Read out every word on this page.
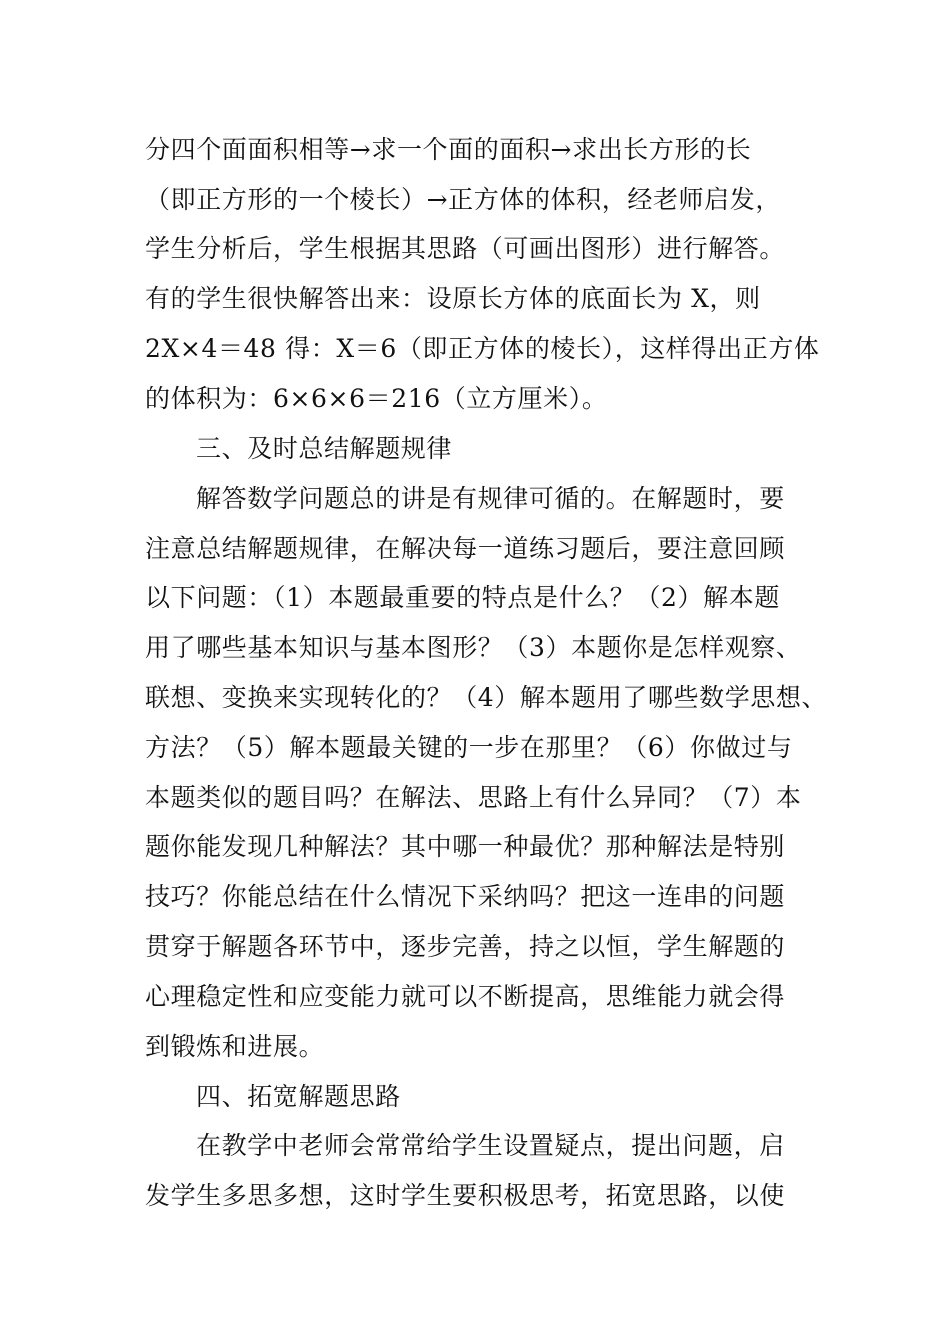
分四个面面积相等→求一个面的面积→求出长方形的长
（即正方形的一个棱长）→正方体的体积，经老师启发，
学生分析后，学生根据其思路（可画出图形）进行解答。
有的学生很快解答出来：设原长方体的底面长为 X，则
2X×4＝48 得：X＝6（即正方体的棱长），这样得出正方体
的体积为：6×6×6＝216（立方厘米）。
三、及时总结解题规律
解答数学问题总的讲是有规律可循的。在解题时，要
注意总结解题规律，在解决每一道练习题后，要注意回顾
以下问题：（1）本题最重要的特点是什么？（2）解本题
用了哪些基本知识与基本图形？（3）本题你是怎样观察、
联想、变换来实现转化的？（4）解本题用了哪些数学思想、
方法？（5）解本题最关键的一步在那里？（6）你做过与
本题类似的题目吗？在解法、思路上有什么异同？（7）本
题你能发现几种解法？其中哪一种最优？那种解法是特别
技巧？你能总结在什么情况下采纳吗？把这一连串的问题
贯穿于解题各环节中，逐步完善，持之以恒，学生解题的
心理稳定性和应变能力就可以不断提高，思维能力就会得
到锻炼和进展。
四、拓宽解题思路
在教学中老师会常常给学生设置疑点，提出问题，启
发学生多思多想，这时学生要积极思考，拓宽思路，以使
